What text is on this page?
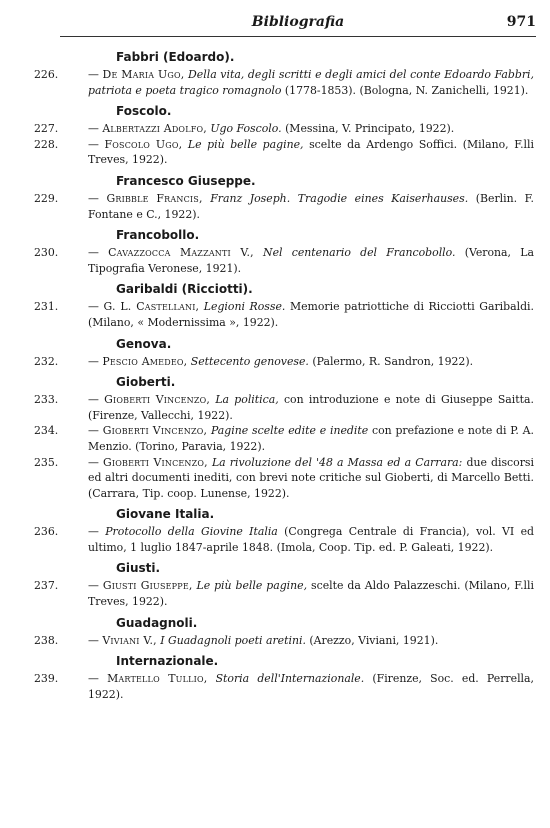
Bibliografia	971
Fabbri (Edoardo).
226.	— De Maria Ugo, Della vita, degli scritti e degli amici del conte Edoardo Fabbri, patriota e poeta tragico romagnolo (1778-1853). (Bologna, N. Zanichelli, 1921).
Foscolo.
227.	— Albertazzi Adolfo, Ugo Foscolo. (Messina, V. Principato, 1922).
228.	— Foscolo Ugo, Le più belle pagine, scelte da Ardengo Soffici. (Milano, F.lli Treves, 1922).
Francesco Giuseppe.
229.	— Gribble Francis, Franz Joseph. Tragodie eines Kaiserhauses. (Berlin. F. Fontane e C., 1922).
Francobollo.
230.	— Cavazzocca Mazzanti V., Nel centenario del Francobollo. (Verona, La Tipografia Veronese, 1921).
Garibaldi (Ricciotti).
231.	— G. L. Castellani, Legioni Rosse. Memorie patriottiche di Ricciotti Garibaldi. (Milano, « Modernissima », 1922).
Genova.
232.	— Pescio Amedeo, Settecento genovese. (Palermo, R. Sandron, 1922).
Gioberti.
233.	— Gioberti Vincenzo, La politica, con introduzione e note di Giuseppe Saitta. (Firenze, Vallecchi, 1922).
234.	— Gioberti Vincenzo, Pagine scelte edite e inedite con prefazione e note di P. A. Menzio. (Torino, Paravia, 1922).
235.	— Gioberti Vincenzo, La rivoluzione del '48 a Massa ed a Carrara: due discorsi ed altri documenti inediti, con brevi note critiche sul Gioberti, di Marcello Betti. (Carrara, Tip. coop. Lunense, 1922).
Giovane Italia.
236.	— Protocollo della Giovine Italia (Congrega Centrale di Francia), vol. VI ed ultimo, 1 luglio 1847-aprile 1848. (Imola, Coop. Tip. ed. P. Galeati, 1922).
Giusti.
237.	— Giusti Giuseppe, Le più belle pagine, scelte da Aldo Palazzeschi. (Milano, F.lli Treves, 1922).
Guadagnoli.
238.	— Viviani V., I Guadagnoli poeti aretini. (Arezzo, Viviani, 1921).
Internazionale.
239.	— Martello Tullio, Storia dell'Internazionale. (Firenze, Soc. ed. Perrella, 1922).
